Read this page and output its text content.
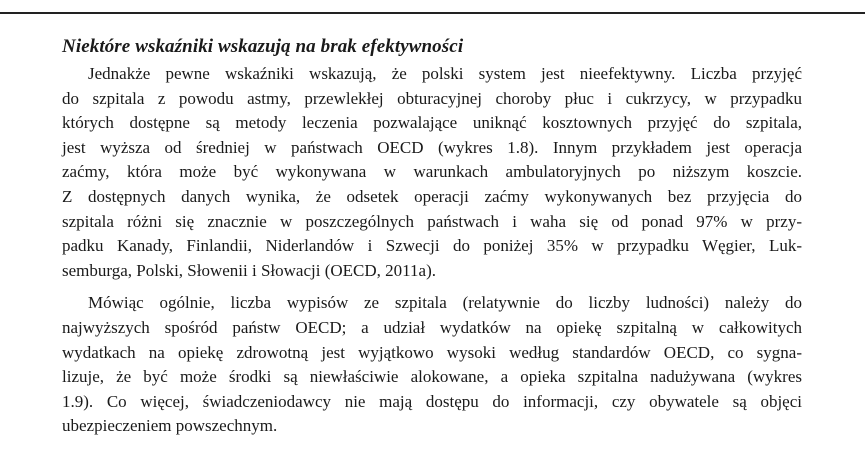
Niektóre wskaźniki wskazują na brak efektywności

Jednakże pewne wskaźniki wskazują, że polski system jest nieefektywny. Liczba przyjęć
do szpitala z powodu astmy, przewlekłej obturacyjnej choroby płuc i cukrzycy, w przypadku
których dostępne są metody leczenia pozwalające uniknąć kosztownych przyjęć do szpitala,
jest wyższa od średniej w państwach OECD (wykres 1.8). Innym przykładem jest operacja
zaćmy, która może być wykonywana w warunkach ambulatoryjnych po niższym koszcie.
Z dostępnych danych wynika, że odsetek operacji zaćmy wykonywanych bez przyjęcia do
szpitala różni się znacznie w poszczególnych państwach i waha się od ponad 97% w przy-
padku Kanady, Finlandii, Niderlandów i Szwecji do poniżej 35% w przypadku Węgier, Luk-
semburga, Polski, Słowenii i Słowacji (OECD, 2011a).

Mówiąc ogólnie, liczba wypisów ze szpitala (relatywnie do liczby ludności) należy do
najwyższych spośród państw OECD; a udział wydatków na opiekę szpitalną w całkowitych
wydatkach na opiekę zdrowotną jest wyjątkowo wysoki według standardów OECD, co sygna-
lizuje, że być może środki są niewłaściwie alokowane, a opieka szpitalna nadużywana (wykres
1.9). Co więcej, świadczeniodawcy nie mają dostępu do informacji, czy obywatele są objęci
ubezpieczeniem powszechnym.
